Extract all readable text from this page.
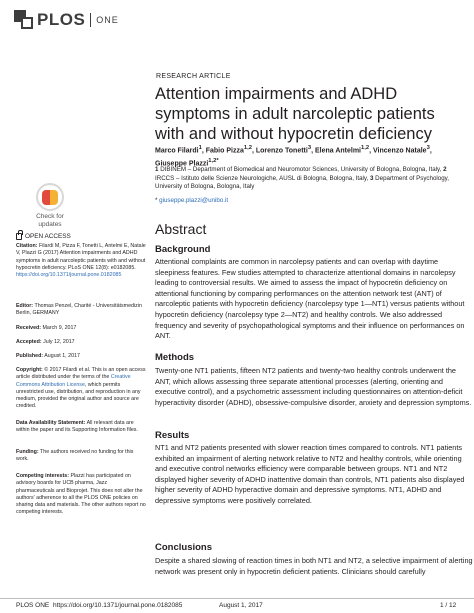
PLOS ONE
RESEARCH ARTICLE
Attention impairments and ADHD symptoms in adult narcoleptic patients with and without hypocretin deficiency
Marco Filardi$^1$, Fabio Pizza$^{1,2}$, Lorenzo Tonetti$^3$, Elena Antelmi$^{1,2}$, Vincenzo Natale$^3$, Giuseppe Plazzi$^{1,2*}$
1 DIBINEM – Department of Biomedical and Neuromotor Sciences, University of Bologna, Bologna, Italy, 2 IRCCS – Istituto delle Scienze Neurologiche, AUSL di Bologna, Bologna, Italy, 3 Department of Psychology, University of Bologna, Bologna, Italy
* giuseppe.plazzi@unibo.it
Abstract
Background
Attentional complaints are common in narcolepsy patients and can overlap with daytime sleepiness features. Few studies attempted to characterize attentional domains in narcolepsy leading to controversial results. We aimed to assess the impact of hypocretin deficiency on attentional functioning by comparing performances on the attention network test (ANT) of narcoleptic patients with hypocretin deficiency (narcolepsy type 1—NT1) versus patients without hypocretin deficiency (narcolepsy type 2—NT2) and healthy controls. We also addressed frequency and severity of psychopathological symptoms and their influence on performances on ANT.
Methods
Twenty-one NT1 patients, fifteen NT2 patients and twenty-two healthy controls underwent the ANT, which allows assessing three separate attentional processes (alerting, orienting and executive control), and a psychometric assessment including questionnaires on attention-deficit hyperactivity disorder (ADHD), obsessive-compulsive disorder, anxiety and depression symptoms.
Results
NT1 and NT2 patients presented with slower reaction times compared to controls. NT1 patients exhibited an impairment of alerting network relative to NT2 and healthy controls, while orienting and executive control networks efficiency were comparable between groups. NT1 and NT2 displayed higher severity of ADHD inattentive domain than controls, NT1 patients also displayed higher severity of ADHD hyperactive domain and depressive symptoms. NT1, ADHD and depressive symptoms were positively correlated.
Conclusions
Despite a shared slowing of reaction times in both NT1 and NT2, a selective impairment of alerting network was present only in hypocretin deficient patients. Clinicians should carefully
Check for updates
OPEN ACCESS
Citation: Filardi M, Pizza F, Tonetti L, Antelmi E, Natale V, Plazzi G (2017) Attention impairments and ADHD symptoms in adult narcoleptic patients with and without hypocretin deficiency. PLoS ONE 12(8): e0182085. https://doi.org/10.1371/journal.pone.0182085
Editor: Thomas Penzel, Charité - Universitätsmedizin Berlin, GERMANY
Received: March 9, 2017
Accepted: July 12, 2017
Published: August 1, 2017
Copyright: © 2017 Filardi et al. This is an open access article distributed under the terms of the Creative Commons Attribution License, which permits unrestricted use, distribution, and reproduction in any medium, provided the original author and source are credited.
Data Availability Statement: All relevant data are within the paper and its Supporting Information files.
Funding: The authors received no funding for this work.
Competing interests: Plazzi has participated on advisory boards for UCB pharma, Jazz pharmaceuticals and Bioprojet. This does not alter the authors' adherence to all the PLOS ONE policies on sharing data and materials. The other authors report no competing interests.
PLOS ONE https://doi.org/10.1371/journal.pone.0182085	August 1, 2017	1 / 12
